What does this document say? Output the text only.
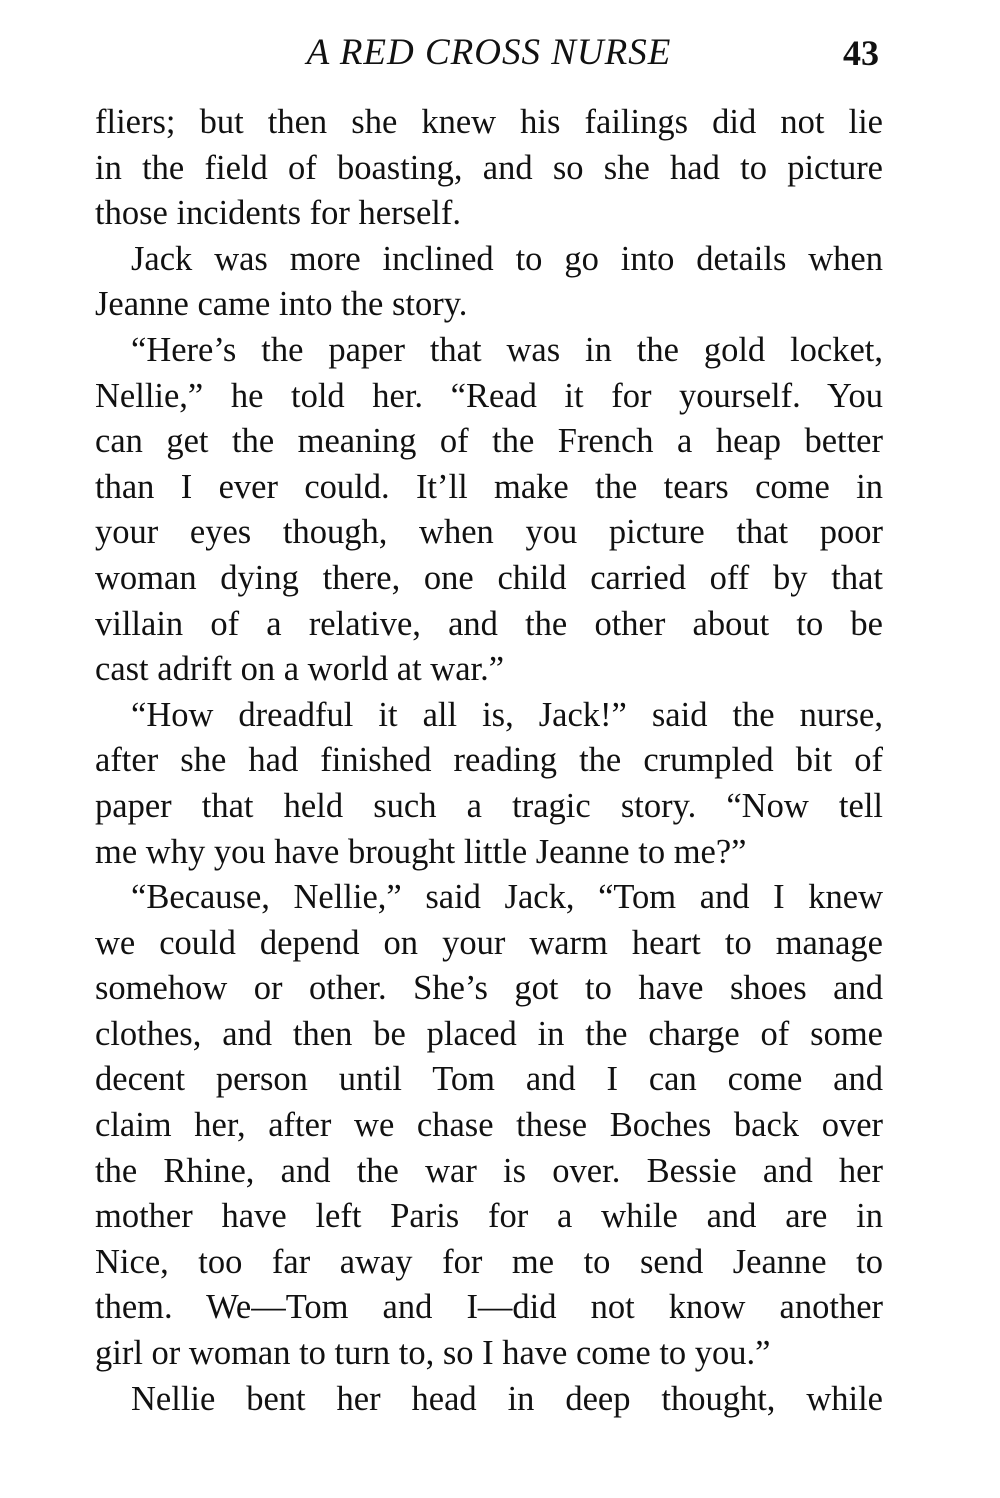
A RED CROSS NURSE	43
fliers; but then she knew his failings did not lie
in the field of boasting, and so she had to picture
those incidents for herself.
Jack was more inclined to go into details when
Jeanne came into the story.
“Here’s the paper that was in the gold locket,
Nellie,” he told her. “Read it for yourself. You
can get the meaning of the French a heap better
than I ever could. It’ll make the tears come in
your eyes though, when you picture that poor
woman dying there, one child carried off by that
villain of a relative, and the other about to be
cast adrift on a world at war.”
“How dreadful it all is, Jack!” said the nurse,
after she had finished reading the crumpled bit of
paper that held such a tragic story. “Now tell
me why you have brought little Jeanne to me?”
“Because, Nellie,” said Jack, “Tom and I knew
we could depend on your warm heart to manage
somehow or other. She’s got to have shoes and
clothes, and then be placed in the charge of some
decent person until Tom and I can come and
claim her, after we chase these Boches back over
the Rhine, and the war is over. Bessie and her
mother have left Paris for a while and are in
Nice, too far away for me to send Jeanne to
them. We—Tom and I—did not know another
girl or woman to turn to, so I have come to you.”
Nellie bent her head in deep thought, while
